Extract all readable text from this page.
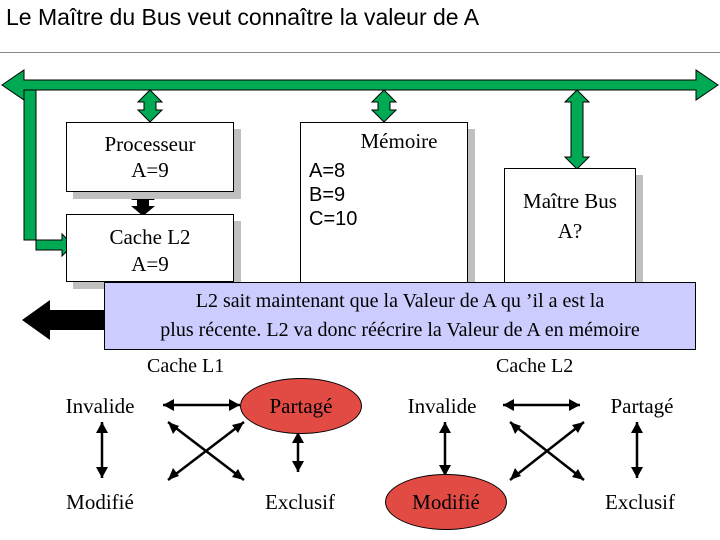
Le Maître du Bus veut connaître la valeur de A
Processeur
A=9
Cache L2
A=9
Mémoire
A=8
B=9
C=10
Maître Bus
A?
L2 sait maintenant que la Valeur de A qu ’il a est la
plus récente. L2 va donc réécrire la Valeur de A en mémoire
Cache L1	Cache L2
Invalide	Partagé
Modifié	Exclusif
Invalide	Partagé
Modifié	Exclusif
